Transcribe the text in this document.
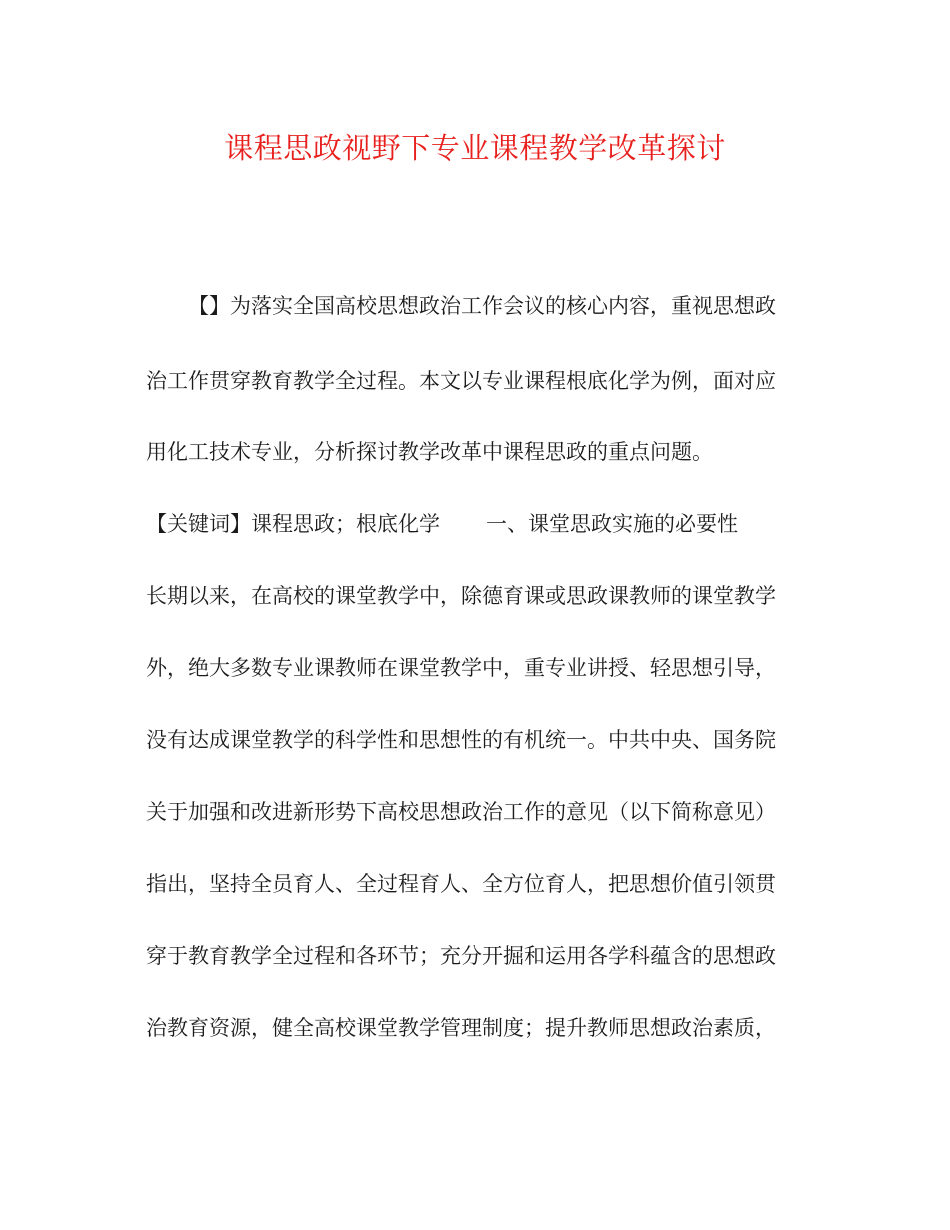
课程思政视野下专业课程教学改革探讨
【】为落实全国高校思想政治工作会议的核心内容，重视思想政
治工作贯穿教育教学全过程。本文以专业课程根底化学为例，面对应
用化工技术专业，分析探讨教学改革中课程思政的重点问题。
【关键词】课程思政；根底化学 一、课堂思政实施的必要性
长期以来，在高校的课堂教学中，除德育课或思政课教师的课堂教学
外，绝大多数专业课教师在课堂教学中，重专业讲授、轻思想引导，
没有达成课堂教学的科学性和思想性的有机统一。中共中央、国务院
关于加强和改进新形势下高校思想政治工作的意见（以下简称意见）
指出，坚持全员育人、全过程育人、全方位育人，把思想价值引领贯
穿于教育教学全过程和各环节；充分开掘和运用各学科蕴含的思想政
治教育资源，健全高校课堂教学管理制度；提升教师思想政治素质，
